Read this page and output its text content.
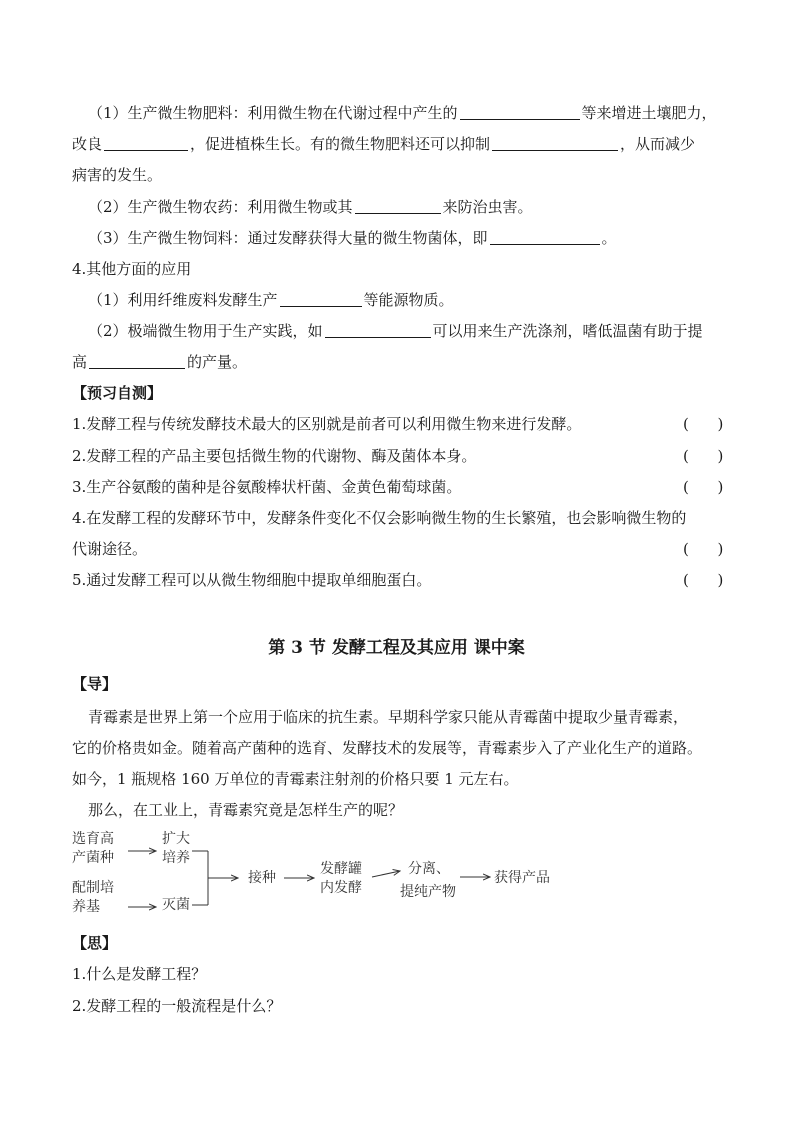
（1）生产微生物肥料：利用微生物在代谢过程中产生的	等来增进土壤肥力，
改良	，促进植株生长。有的微生物肥料还可以抑制	，从而减少
病害的发生。
（2）生产微生物农药：利用微生物或其	来防治虫害。
（3）生产微生物饲料：通过发酵获得大量的微生物菌体，即	。
4.其他方面的应用
（1）利用纤维废料发酵生产	等能源物质。
（2）极端微生物用于生产实践，如	可以用来生产洗涤剂，嗜低温菌有助于提
高	的产量。
【预习自测】
1.发酵工程与传统发酵技术最大的区别就是前者可以利用微生物来进行发酵。	(      )
2.发酵工程的产品主要包括微生物的代谢物、酶及菌体本身。	(      )
3.生产谷氨酸的菌种是谷氨酸棒状杆菌、金黄色葡萄球菌。	(      )
4.在发酵工程的发酵环节中，发酵条件变化不仅会影响微生物的生长繁殖，也会影响微生物的
代谢途径。	(      )
5.通过发酵工程可以从微生物细胞中提取单细胞蛋白。	(      )
第 3 节 发酵工程及其应用 课中案
【导】
青霉素是世界上第一个应用于临床的抗生素。早期科学家只能从青霉菌中提取少量青霉素，
它的价格贵如金。随着高产菌种的选育、发酵技术的发展等，青霉素步入了产业化生产的道路。
如今，1 瓶规格 160 万单位的青霉素注射剂的价格只要 1 元左右。
那么，在工业上，青霉素究竟是怎样生产的呢？
选育高
产菌种
扩大
培养
配制培
养基	灭菌
接种
发酵罐
内发酵
分离、
提纯产物
获得产品
【思】
1.什么是发酵工程？
2.发酵工程的一般流程是什么？
